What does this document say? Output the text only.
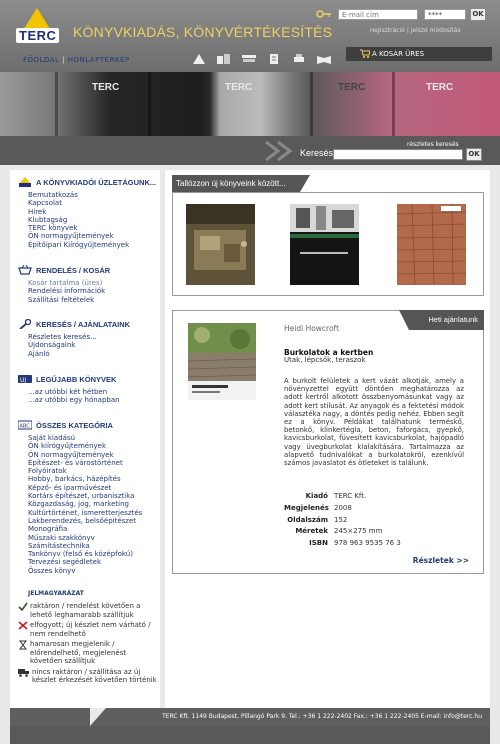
TERC KÖNYVKIADÁS, KÖNYVÉRTÉKESÍTÉS
FŐOLDAL | HONLAPTÉRKÉP
E-mail cím
****
OK
regisztráció | jelszó módosítás
A KOSÁR ÜRES
TERC	TERC	TERC	TERC
Keresés
részletes keresés
OK
A KÖNYVKIADÓI ÜZLETÁGUNK...
Bemutatkozás
Kapcsolat
Hírek
Klubtagság
TERC könyvek
ÖN normagyűjtemények
Építőipari Kiírógyűjtemények
RENDELÉS / KOSÁR
Kosár tartalma (üres)
Rendelési információk
Szállítási feltételek
KERESÉS / AJÁNLATAINK
Részletes keresés...
Újdonságaink
Ajánló
UJ LEGÚJABB KÖNYVEK
...az utóbbi két hétben
...az utóbbi egy hónapban
ABC ÖSSZES KATEGÓRIA
Saját kiadású
ÖN kiírógyűjtemények
ÖN normagyűjtemények
Építészet- és várostörténet
Folyóiratok
Hobby, barkács, házépítés
Képző- és iparművészet
Kortárs építészet, urbanisztika
Közgazdaság, jog, marketing
Kultúrtörténet, ismeretterjesztés
Lakberendezés, belsőépítészet
Monográfia
Műszaki szakkönyv
Számítástechnika
Tankönyv (felső és középfokú)
Tervezési segédletek
Összes könyv
JELMAGYARÁZAT
raktáron / rendelést követően a lehető leghamarabb szállítjuk
elfogyott; új készlet nem várható / nem rendelhető
hamarosan megjelenik / előrendelhető, megjelenést követően szállítjuk
nincs raktáron / szállítása az új készlet érkezését követően történik
Tallózzon új könyveink között...
Heti ajánlatunk
Heidi Howcroft
Burkolatok a kertben
Utak, lépcsők, teraszok
A burkolt felületek a kert vázát alkotják, amely a növényzettel együtt döntően meghatározza az adott kertről alkotott összbenyomásunkat vagy az adott kert stílusát. Az anyagok és a fektetési módok választéka nagy, a döntés pedig nehéz. Ebben segít ez a könyv. Példákat találhatunk terméskő, betonkő, klinkertégla, beton, faforgács, gyepkő, kavicsburkolat, füvesített kavicsburkolat, hajópadló vagy üvegburkolat kialakítására. Tartalmazza az alapvető tudnivalókat a burkolatokról, ezenkívül számos javaslatot és ötleteket is találunk.
Kiadó TERC Kft.
Megjelenés 2008
Oldalszám 152
Méretek 245×275 mm
ISBN 978 963 9535 76 3
Részletek >>
TERC Kft. 1149 Budapest, Pillangó Park 9. Tel.: +36 1 222-2402 Fax.: +36 1 222-2405 E-mail: info@terc.hu
